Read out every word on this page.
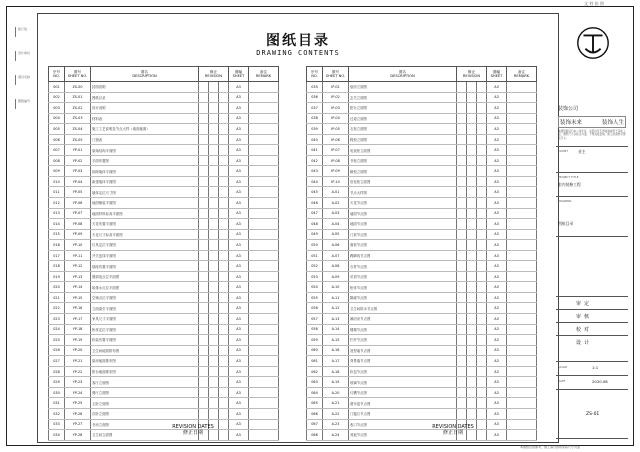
装订线
设计单位
项目名称
图纸编号
图纸目录
DRAWING CONTENTS
序号
NO.	图号
SHEET NO.	图名
DESCRIPTION	修正
REVISION			图幅
SHEET	备注
REMARK
001	ZS-00	封面说明				A3	
002	ZS-01	图纸目录				A3	
003	ZS-02	设计说明				A3	
004	ZS-03	材料表				A3	
005	ZS-04	施工工艺说明及节点大样（墙面地面）				A3	
006	ZS-05	门窗表				A3	
007	YP-01	原始结构平面图				A3	
008	YP-02	平面布置图				A3	
009	YP-03	拆除墙体平面图				A3	
010	YP-04	新建墙体平面图				A3	
011	YP-05	墙体定位尺寸图				A3	
012	YP-06	地面铺装平面图				A3	
013	YP-07	地面材料标高平面图				A3	
014	YP-08	天花布置平面图				A3	
015	YP-09	天花尺寸标高平面图				A3	
016	YP-10	灯具定位平面图				A3	
017	YP-11	开关连线平面图				A3	
018	YP-12	插座布置平面图				A3	
019	YP-13	强弱电点位平面图				A3	
020	YP-14	给排水点位平面图				A3	
021	YP-15	空调点位平面图				A3	
022	YP-16	立面索引平面图				A3	
023	YP-17	家具尺寸平面图				A3	
024	YP-18	柜体定位平面图				A3	
025	YP-19	软装布置平面图				A3	
026	YP-20	卫生间地面排布图				A3	
027	YP-21	厨房地面排布图				A3	
028	YP-22	阳台地面排布图				A3	
029	YP-23	客厅立面图				A3	
030	YP-24	餐厅立面图				A3	
031	YP-25	主卧立面图				A3	
032	YP-26	次卧立面图				A3	
033	YP-27	书房立面图				A3	
034	YP-28	卫生间立面图				A3	
序号
NO.	图号
SHEET NO.	图名
DESCRIPTION	修正
REVISION			图幅
SHEET	备注
REMARK
035	IP-01	厨房立面图				A3	
036	IP-02	玄关立面图				A3	
037	IP-03	阳台立面图				A3	
038	IP-04	过道立面图				A3	
039	IP-05	衣柜立面图				A3	
040	IP-06	鞋柜立面图				A3	
041	IP-07	电视柜立面图				A3	
042	IP-08	书柜立面图				A3	
043	IP-09	橱柜立面图				A3	
044	IP-10	浴室柜立面图				A3	
045	A-01	节点大样图				A3	
046	A-02	天花节点图				A3	
047	A-03	墙面节点图				A3	
048	A-04	地面节点图				A3	
049	A-05	门套节点图				A3	
050	A-06	窗套节点图				A3	
051	A-07	踢脚线节点图				A3	
052	A-08	石材节点图				A3	
053	A-09	吊顶节点图				A3	
054	A-10	柜体节点图				A3	
055	A-11	隔墙节点图				A3	
056	A-12	卫生间防水节点图				A3	
057	A-13	淋浴房节点图				A3	
058	A-14	楼梯节点图				A3	
059	A-15	栏杆节点图				A3	
060	A-16	造型墙节点图				A3	
061	A-17	背景墙节点图				A3	
062	A-18	软包节点图				A3	
063	A-19	玻璃节点图				A3	
064	A-20	灯槽节点图				A3	
065	A-21	窗帘盒节点图				A3	
066	A-22	门槛石节点图				A3	
067	A-23	收口节点图				A3	
068	A-24	其他节点图				A3	
REVISION DATES
修正日期
REVISION DATES
修正日期
文 档 抬 图
装饰公司
装饰未来	装饰人生
本图纸版权归本公司所有，未经许可不得复制或用于其他工程。图纸尺寸以标注为准，不得直接量取。施工前请核对现场尺寸。
CLIENT	业主
PROJECT TITLE
室内装修工程
DRAWING
图纸目录
审定
审核
校对
设计
SCALE	1:1
DATE	2020.08
ZS-01
本图纸仅供参考，施工请以现场实际尺寸为准
